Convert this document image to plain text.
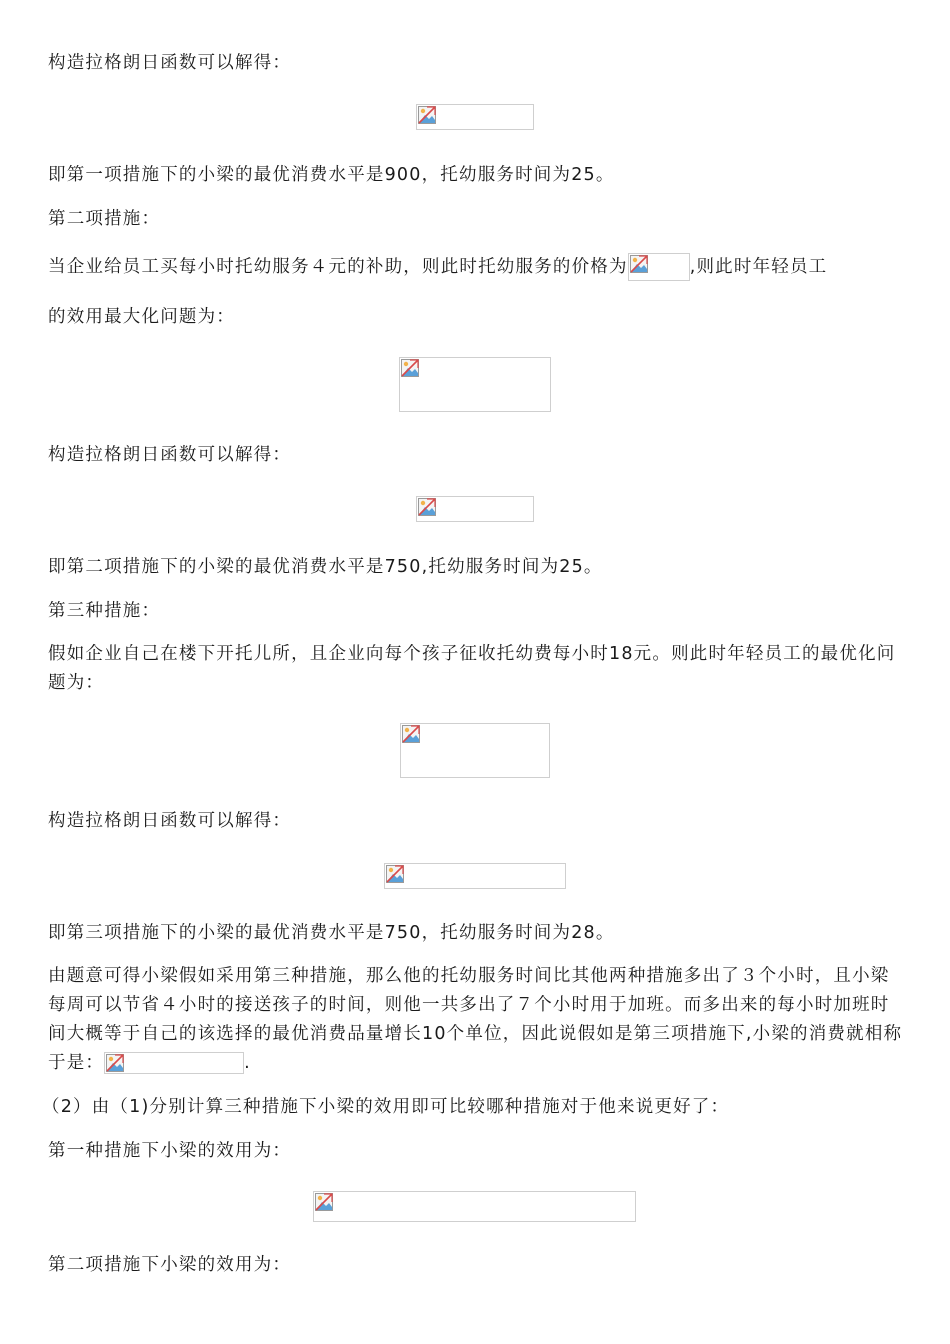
构造拉格朗日函数可以解得：

即第一项措施下的小梁的最优消费水平是900，托幼服务时间为25。

第二项措施：

当企业给员工买每小时托幼服务４元的补助，则此时托幼服务的价格为	,则此时年轻员工

的效用最大化问题为：

构造拉格朗日函数可以解得：

即第二项措施下的小梁的最优消费水平是750,托幼服务时间为25。

第三种措施：

假如企业自己在楼下开托儿所，且企业向每个孩子征收托幼费每小时18元。则此时年轻员工的最优化问题为：

构造拉格朗日函数可以解得：

即第三项措施下的小梁的最优消费水平是750，托幼服务时间为28。

由题意可得小梁假如采用第三种措施，那么他的托幼服务时间比其他两种措施多出了３个小时，且小梁每周可以节省４小时的接送孩子的时间，则他一共多出了７个小时用于加班。而多出来的每小时加班时间大概等于自己的该选择的最优消费品量增长10个单位，因此说假如是第三项措施下,小梁的消费就相称于是：	.

（2）由（1)分别计算三种措施下小梁的效用即可比较哪种措施对于他来说更好了：

第一种措施下小梁的效用为：

第二项措施下小梁的效用为：
